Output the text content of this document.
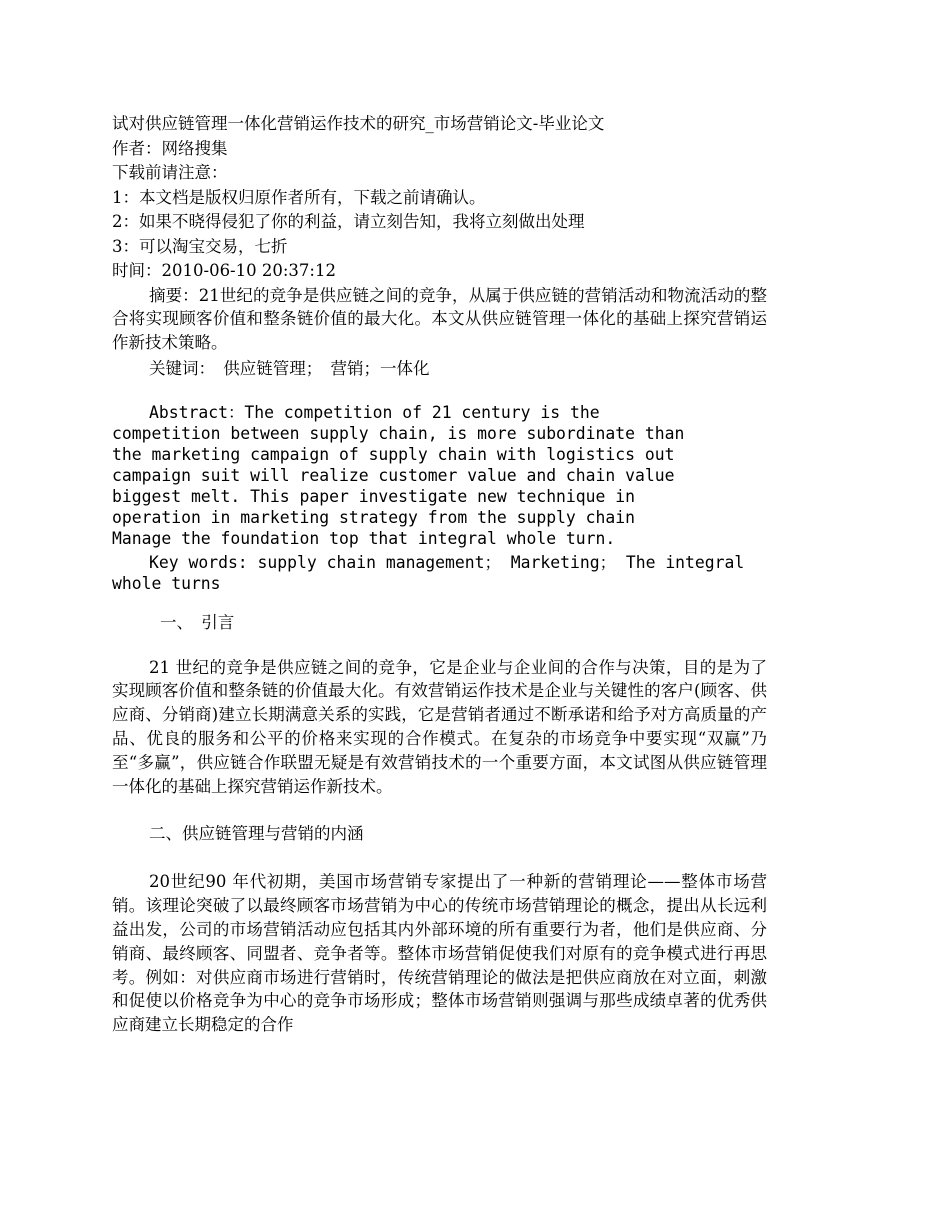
试对供应链管理一体化营销运作技术的研究_市场营销论文-毕业论文
作者：网络搜集
下载前请注意：
1：本文档是版权归原作者所有，下载之前请确认。
2：如果不晓得侵犯了你的利益，请立刻告知，我将立刻做出处理
3：可以淘宝交易，七折
时间：2010-06-10 20:37:12

摘要：21世纪的竞争是供应链之间的竞争，从属于供应链的营销活动和物流活动的整合将实现顾客价值和整条链价值的最大化。本文从供应链管理一体化的基础上探究营销运作新技术策略。

关键词：　供应链管理；　营销；一体化

Abstract：The competition of 21 century is the
competition between supply chain, is more subordinate than
the marketing campaign of supply chain with logistics out
campaign suit will realize customer value and chain value
biggest melt. This paper investigate new technique in
operation in marketing strategy from the supply chain
Manage the foundation top that integral whole turn.

Key words: supply chain management； Marketing； The integral whole turns

一、　引言

21 世纪的竞争是供应链之间的竞争，它是企业与企业间的合作与决策，目的是为了实现顾客价值和整条链的价值最大化。有效营销运作技术是企业与关键性的客户(顾客、供应商、分销商)建立长期满意关系的实践，它是营销者通过不断承诺和给予对方高质量的产品、优良的服务和公平的价格来实现的合作模式。在复杂的市场竞争中要实现“双赢”乃至“多赢”，供应链合作联盟无疑是有效营销技术的一个重要方面，本文试图从供应链管理一体化的基础上探究营销运作新技术。

二、供应链管理与营销的内涵

20世纪90 年代初期，美国市场营销专家提出了一种新的营销理论——整体市场营销。该理论突破了以最终顾客市场营销为中心的传统市场营销理论的概念，提出从长远利益出发，公司的市场营销活动应包括其内外部环境的所有重要行为者，他们是供应商、分销商、最终顾客、同盟者、竞争者等。整体市场营销促使我们对原有的竞争模式进行再思考。例如：对供应商市场进行营销时，传统营销理论的做法是把供应商放在对立面，刺激和促使以价格竞争为中心的竞争市场形成；整体市场营销则强调与那些成绩卓著的优秀供应商建立长期稳定的合作
